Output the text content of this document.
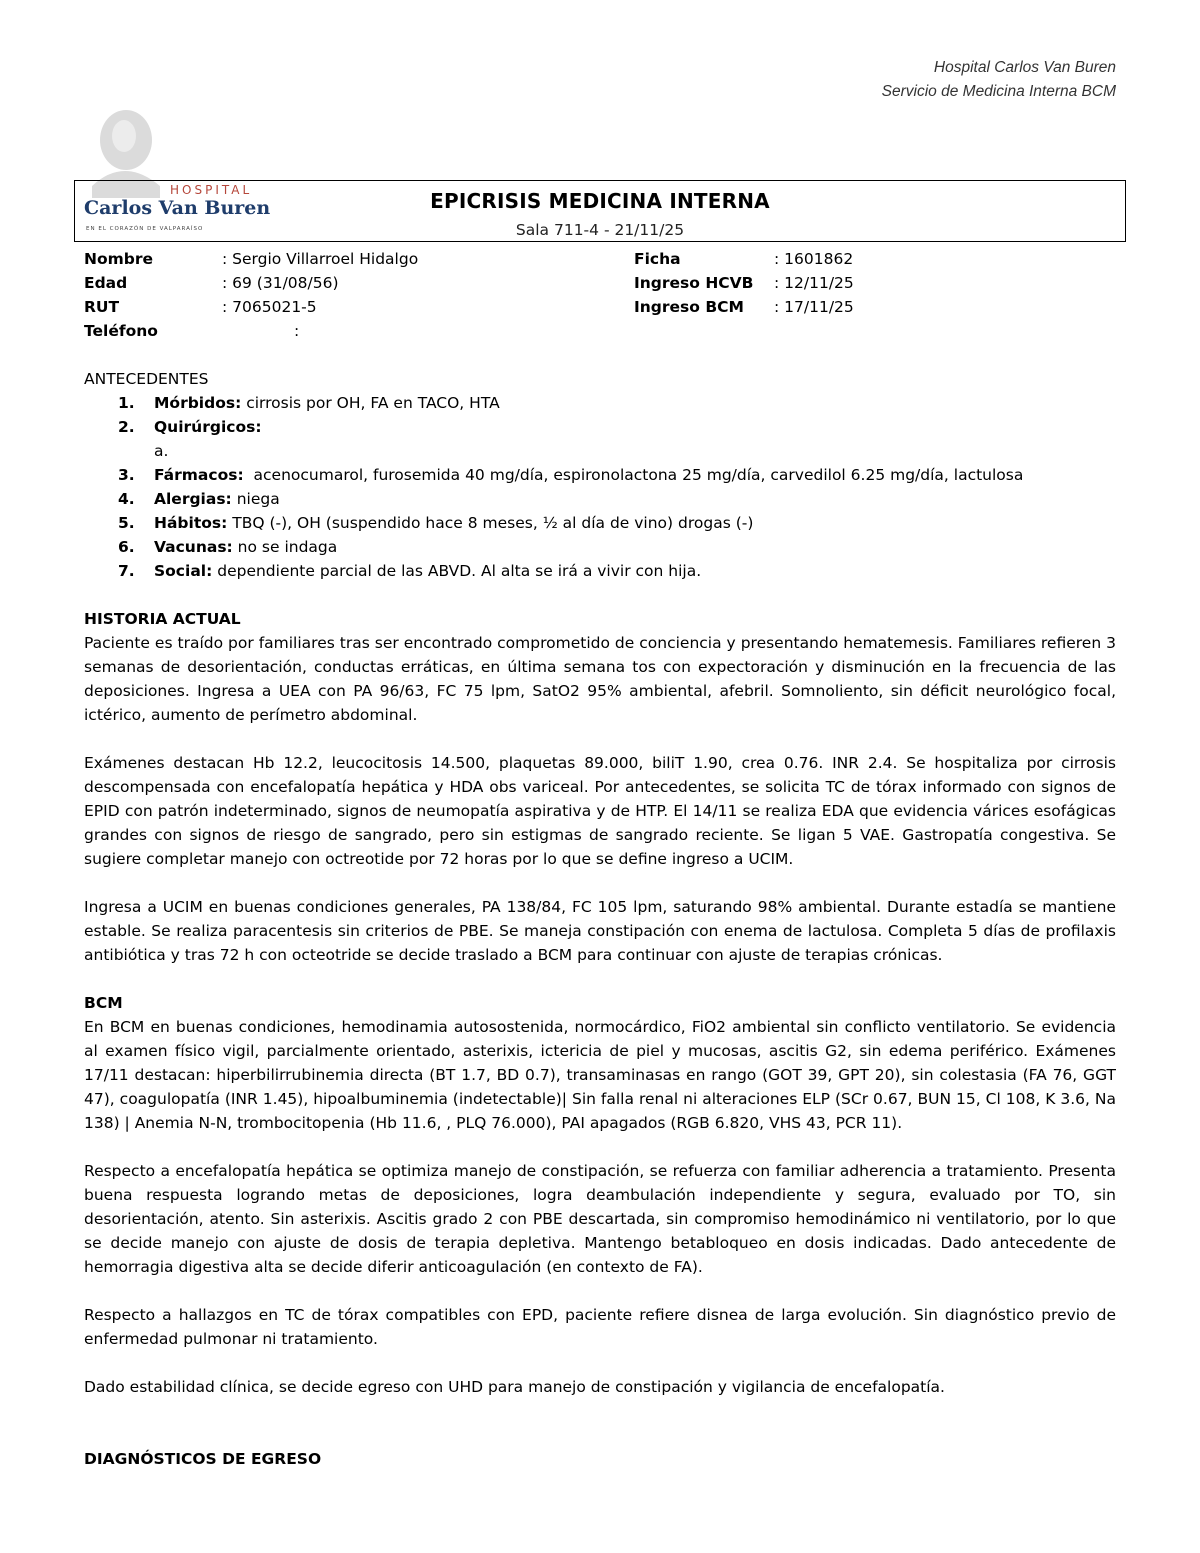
Hospital Carlos Van Buren
Servicio de Medicina Interna BCM
HOSPITAL
Carlos Van Buren
EN EL CORAZÓN DE VALPARAÍSO
EPICRISIS MEDICINA INTERNA
Sala 711-4 - 21/11/25
Nombre	: Sergio Villarroel Hidalgo	Ficha	: 1601862
Edad	: 69 (31/08/56)	Ingreso HCVB : 12/11/25
RUT	: 7065021-5	Ingreso BCM : 17/11/25
Teléfono	:
ANTECEDENTES
1. Mórbidos: cirrosis por OH, FA en TACO, HTA
2. Quirúrgicos:
a.
3. Fármacos:  acenocumarol, furosemida 40 mg/día, espironolactona 25 mg/día, carvedilol 6.25 mg/día, lactulosa
4. Alergias: niega
5. Hábitos: TBQ (-), OH (suspendido hace 8 meses, ½ al día de vino) drogas (-)
6. Vacunas: no se indaga
7. Social: dependiente parcial de las ABVD. Al alta se irá a vivir con hija.
HISTORIA ACTUAL

Paciente es traído por familiares tras ser encontrado comprometido de conciencia y presentando hematemesis. Familiares refieren 3 semanas de desorientación, conductas erráticas, en última semana tos con expectoración y disminución en la frecuencia de las deposiciones. Ingresa a UEA con PA 96/63, FC 75 lpm, SatO2 95% ambiental, afebril. Somnoliento, sin déficit neurológico focal, ictérico, aumento de perímetro abdominal.

Exámenes destacan Hb 12.2, leucocitosis 14.500, plaquetas 89.000, biliT 1.90, crea 0.76. INR 2.4. Se hospitaliza por cirrosis descompensada con encefalopatía hepática y HDA obs variceal. Por antecedentes, se solicita TC de tórax informado con signos de EPID con patrón indeterminado, signos de neumopatía aspirativa y de HTP. El 14/11 se realiza EDA que evidencia várices esofágicas grandes con signos de riesgo de sangrado, pero sin estigmas de sangrado reciente. Se ligan 5 VAE. Gastropatía congestiva. Se sugiere completar manejo con octreotide por 72 horas por lo que se define ingreso a UCIM.

Ingresa a UCIM en buenas condiciones generales, PA 138/84, FC 105 lpm, saturando 98% ambiental. Durante estadía se mantiene estable. Se realiza paracentesis sin criterios de PBE. Se maneja constipación con enema de lactulosa. Completa 5 días de profilaxis antibiótica y tras 72 h con octeotride se decide traslado a BCM para continuar con ajuste de terapias crónicas.

BCM

En BCM en buenas condiciones, hemodinamia autosostenida, normocárdico, FiO2 ambiental sin conflicto ventilatorio. Se evidencia al examen físico vigil, parcialmente orientado, asterixis, ictericia de piel y mucosas, ascitis G2, sin edema periférico. Exámenes 17/11 destacan: hiperbilirrubinemia directa (BT 1.7, BD 0.7), transaminasas en rango (GOT 39, GPT 20), sin colestasia (FA 76, GGT 47), coagulopatía (INR 1.45), hipoalbuminemia (indetectable)| Sin falla renal ni alteraciones ELP (SCr 0.67, BUN 15, Cl 108, K 3.6, Na 138) | Anemia N-N, trombocitopenia (Hb 11.6, , PLQ 76.000), PAI apagados (RGB 6.820, VHS 43, PCR 11).

Respecto a encefalopatía hepática se optimiza manejo de constipación, se refuerza con familiar adherencia a tratamiento. Presenta buena respuesta logrando metas de deposiciones, logra deambulación independiente y segura, evaluado por TO, sin desorientación, atento. Sin asterixis. Ascitis grado 2 con PBE descartada, sin compromiso hemodinámico ni ventilatorio, por lo que se decide manejo con ajuste de dosis de terapia depletiva. Mantengo betabloqueo en dosis indicadas. Dado antecedente de hemorragia digestiva alta se decide diferir anticoagulación (en contexto de FA).

Respecto a hallazgos en TC de tórax compatibles con EPD, paciente refiere disnea de larga evolución. Sin diagnóstico previo de enfermedad pulmonar ni tratamiento.

Dado estabilidad clínica, se decide egreso con UHD para manejo de constipación y vigilancia de encefalopatía.

DIAGNÓSTICOS DE EGRESO
